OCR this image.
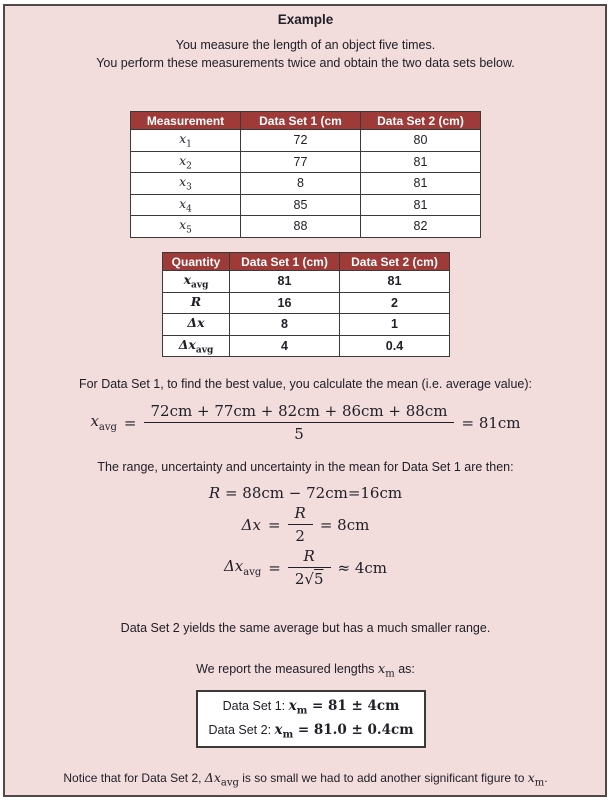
Example
You measure the length of an object five times.
You perform these measurements twice and obtain the two data sets below.
Measurement	Data Set 1 (cm	Data Set 2 (cm)
$x_1$	72	80
$x_2$	77	81
$x_3$	8	81
$x_4$	85	81
$x_5$	88	82
Quantity	Data Set 1 (cm)	Data Set 2 (cm)
$x_{avg}$	81	81
R	16	2
Δx	8	1
$\Delta x_{avg}$	4	0.4
For Data Set 1, to find the best value, you calculate the mean (i.e. average value):
$x_{avg} = \frac{72cm + 77cm + 82cm + 86cm + 88cm}{5} = 81cm$
The range, uncertainty and uncertainty in the mean for Data Set 1 are then:
R = 88cm − 72cm=16cm
$\Delta x = \frac{R}{2} = 8cm$
$\Delta x_{avg} = \frac{R}{2√5} \approx 4cm$
Data Set 2 yields the same average but has a much smaller range.
We report the measured lengths $x_m$ as:
Data Set 1: $x_m = 81 \pm 4cm$
Data Set 2: $x_m = 81.0 \pm 0.4cm$
Notice that for Data Set 2, $\Delta x_{avg}$ is so small we had to add another significant figure to $x_m$.
